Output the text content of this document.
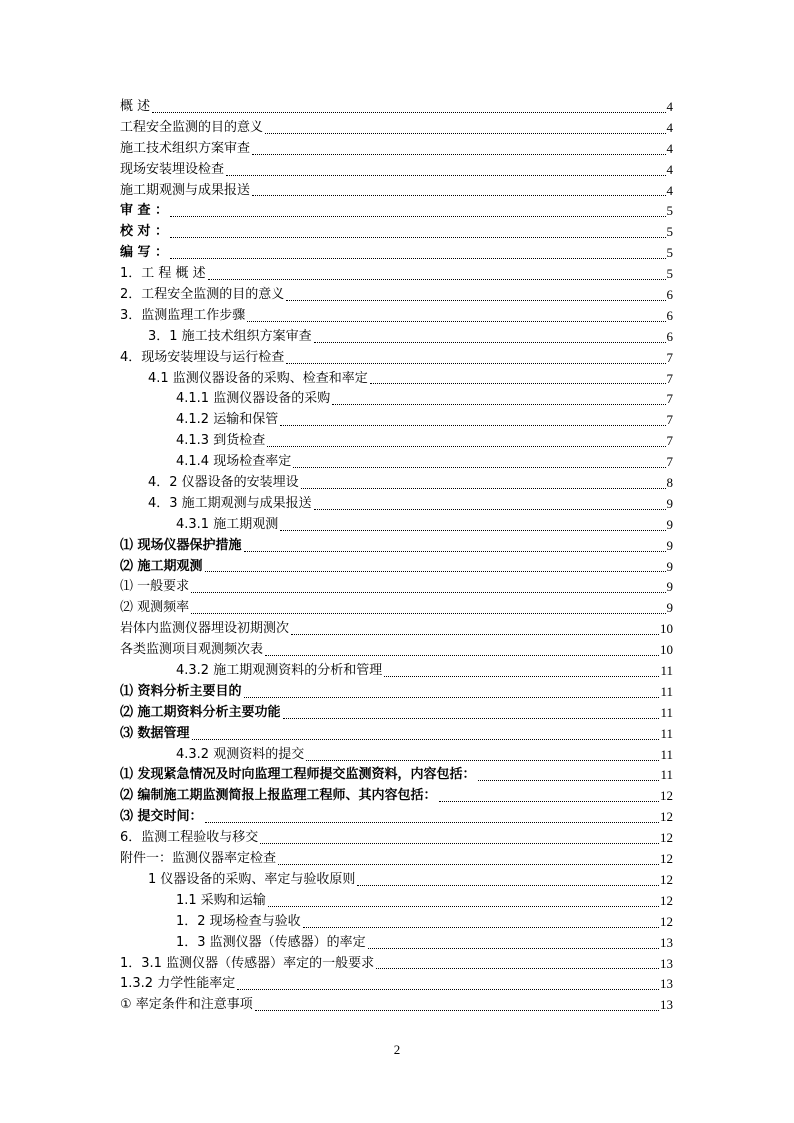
概 述	4
工程安全监测的目的意义	4
施工技术组织方案审查	4
现场安装埋设检查	4
施工期观测与成果报送	4
审 查 ：	5
校 对 ：	5
编 写 ：	5
1．工 程 概 述	5
2．工程安全监测的目的意义	6
3．监测监理工作步骤	6
3．1 施工技术组织方案审查	6
4．现场安装埋设与运行检查	7
4.1 监测仪器设备的采购、检查和率定	7
4.1.1 监测仪器设备的采购	7
4.1.2 运输和保管	7
4.1.3 到货检查	7
4.1.4 现场检查率定	7
4．2 仪器设备的安装埋设	8
4．3 施工期观测与成果报送	9
4.3.1 施工期观测	9
⑴ 现场仪器保护措施	9
⑵ 施工期观测	9
⑴ 一般要求	9
⑵ 观测频率	9
岩体内监测仪器埋设初期测次	10
各类监测项目观测频次表	10
4.3.2 施工期观测资料的分析和管理	11
⑴ 资料分析主要目的	11
⑵ 施工期资料分析主要功能	11
⑶ 数据管理	11
4.3.2 观测资料的提交	11
⑴ 发现紧急情况及时向监理工程师提交监测资料，内容包括：	11
⑵ 编制施工期监测简报上报监理工程师、其内容包括：	12
⑶ 提交时间：	12
6．监测工程验收与移交	12
附件一：监测仪器率定检查	12
1 仪器设备的采购、率定与验收原则	12
1.1 采购和运输	12
1．2 现场检查与验收	12
1．3 监测仪器（传感器）的率定	13
1．3.1 监测仪器（传感器）率定的一般要求	13
1.3.2 力学性能率定	13
① 率定条件和注意事项	13
2
